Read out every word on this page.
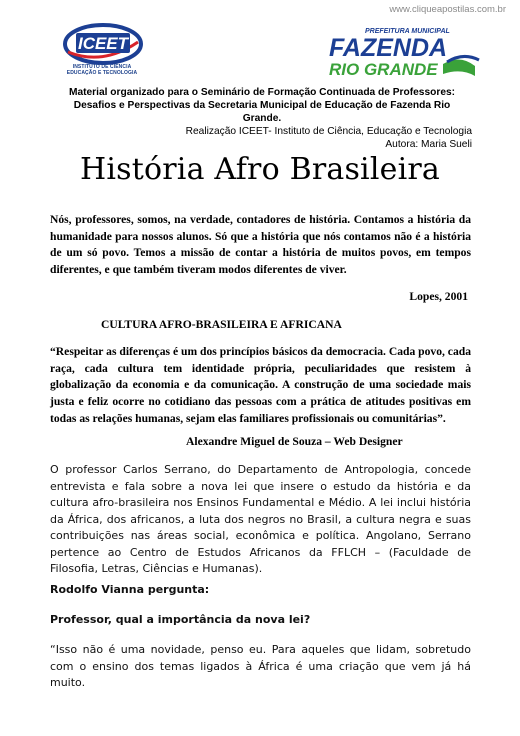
www.cliqueapostilas.com.br
ICEET
INSTITUTO DE CIÊNCIA
EDUCAÇÃO E TECNOLOGIA
PREFEITURA MUNICIPAL
FAZENDA
RIO GRANDE
Material organizado para o Seminário de Formação Continuada de Professores:
Desafios e Perspectivas da Secretaria Municipal de Educação de Fazenda Rio
Grande.
Realização ICEET- Instituto de Ciência, Educação e Tecnologia
Autora: Maria Sueli
História Afro Brasileira
Nós, professores, somos, na verdade, contadores de história. Contamos a história da humanidade para nossos alunos. Só que a história que nós contamos não é a história de um só povo. Temos a missão de contar a história de muitos povos, em tempos diferentes, e que também tiveram modos diferentes de viver.
Lopes, 2001
CULTURA AFRO-BRASILEIRA E AFRICANA
“Respeitar as diferenças é um dos princípios básicos da democracia. Cada povo, cada raça, cada cultura tem identidade própria, peculiaridades que resistem à globalização da economia e da comunicação. A construção de uma sociedade mais justa e feliz ocorre no cotidiano das pessoas com a prática de atitudes positivas em todas as relações humanas, sejam elas familiares profissionais ou comunitárias”.
Alexandre Miguel de Souza – Web Designer
O professor Carlos Serrano, do Departamento de Antropologia, concede entrevista e fala sobre a nova lei que insere o estudo da história e da cultura afro-brasileira nos Ensinos Fundamental e Médio. A lei inclui história da África, dos africanos, a luta dos negros no Brasil, a cultura negra e suas contribuições nas áreas social, econômica e política. Angolano, Serrano pertence ao Centro de Estudos Africanos da FFLCH – (Faculdade de Filosofia, Letras, Ciências e Humanas).
Rodolfo Vianna pergunta:
Professor, qual a importância da nova lei?
“Isso não é uma novidade, penso eu. Para aqueles que lidam, sobretudo com o ensino dos temas ligados à África é uma criação que vem já há muito.
